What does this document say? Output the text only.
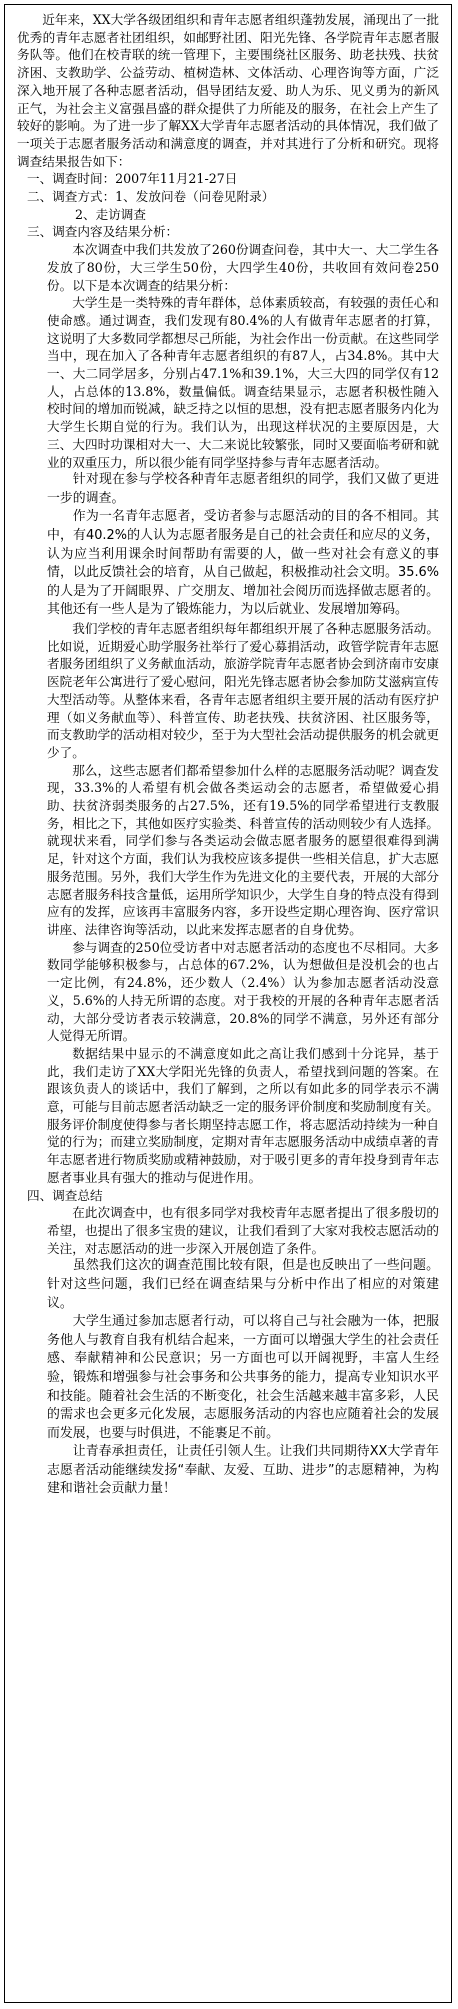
近年来，XX大学各级团组织和青年志愿者组织蓬勃发展，涌现出了一批优秀的青年志愿者社团组织，如邮野社团、阳光先锋、各学院青年志愿者服务队等。他们在校青联的统一管理下，主要围绕社区服务、助老扶残、扶贫济困、支教助学、公益劳动、植树造林、文体活动、心理咨询等方面，广泛深入地开展了各种志愿者活动，倡导团结友爱、助人为乐、见义勇为的新风正气，为社会主义富强昌盛的群众提供了力所能及的服务，在社会上产生了较好的影响。为了进一步了解XX大学青年志愿者活动的具体情况，我们做了一项关于志愿者服务活动和满意度的调查，并对其进行了分析和研究。现将调查结果报告如下：

一、调查时间：2007年11月21-27日

二、调查方式：1、发放问卷（问卷见附录）

2、走访调查

三、调查内容及结果分析：

本次调查中我们共发放了260份调查问卷，其中大一、大二学生各发放了80份，大三学生50份，大四学生40份，共收回有效问卷250份。以下是本次调查的结果分析：

大学生是一类特殊的青年群体，总体素质较高，有较强的责任心和使命感。通过调查，我们发现有80.4%的人有做青年志愿者的打算，这说明了大多数同学都想尽己所能，为社会作出一份贡献。在这些同学当中，现在加入了各种青年志愿者组织的有87人，占34.8%。其中大一、大二同学居多，分别占47.1%和39.1%，大三大四的同学仅有12人，占总体的13.8%，数量偏低。调查结果显示，志愿者积极性随入校时间的增加而锐减，缺乏持之以恒的思想，没有把志愿者服务内化为大学生长期自觉的行为。我们认为，出现这样状况的主要原因是，大三、大四时功课相对大一、大二来说比较繁张，同时又要面临考研和就业的双重压力，所以很少能有同学坚持参与青年志愿者活动。

针对现在参与学校各种青年志愿者组织的同学，我们又做了更进一步的调查。

作为一名青年志愿者，受访者参与志愿活动的目的各不相同。其中，有40.2%的人认为志愿者服务是自己的社会责任和应尽的义务，认为应当利用课余时间帮助有需要的人，做一些对社会有意义的事情，以此反馈社会的培育，从自己做起，积极推动社会文明。35.6%的人是为了开阔眼界、广交朋友、增加社会阅历而选择做志愿者的。其他还有一些人是为了锻炼能力，为以后就业、发展增加筹码。

我们学校的青年志愿者组织每年都组织开展了各种志愿服务活动。比如说，近期爱心助学服务社举行了爱心募捐活动，政管学院青年志愿者服务团组织了义务献血活动，旅游学院青年志愿者协会到济南市安康医院老年公寓进行了爱心慰问，阳光先锋志愿者协会参加防艾滋病宣传大型活动等。从整体来看，各青年志愿者组织主要开展的活动有医疗护理（如义务献血等）、科普宣传、助老扶残、扶贫济困、社区服务等，而支教助学的活动相对较少，至于为大型社会活动提供服务的机会就更少了。

那么，这些志愿者们都希望参加什么样的志愿服务活动呢？调查发现，33.3%的人希望有机会做各类运动会的志愿者，希望做爱心捐助、扶贫济弱类服务的占27.5%，还有19.5%的同学希望进行支教服务，相比之下，其他如医疗实验类、科普宣传的活动则较少有人选择。就现状来看，同学们参与各类运动会做志愿者服务的愿望很难得到满足，针对这个方面，我们认为我校应该多提供一些相关信息，扩大志愿服务范围。另外，我们大学生作为先进文化的主要代表，开展的大部分志愿者服务科技含量低，运用所学知识少，大学生自身的特点没有得到应有的发挥，应该再丰富服务内容，多开设些定期心理咨询、医疗常识讲座、法律咨询等活动，以此来发挥志愿者的自身优势。

参与调查的250位受访者中对志愿者活动的态度也不尽相同。大多数同学能够积极参与，占总体的67.2%，认为想做但是没机会的也占一定比例，有24.8%，还少数人（2.4%）认为参加志愿者活动没意义，5.6%的人持无所谓的态度。对于我校的开展的各种青年志愿者活动，大部分受访者表示较满意，20.8%的同学不满意，另外还有部分人觉得无所谓。

数据结果中显示的不满意度如此之高让我们感到十分诧异，基于此，我们走访了XX大学阳光先锋的负责人，希望找到问题的答案。在跟该负责人的谈话中，我们了解到，之所以有如此多的同学表示不满意，可能与目前志愿者活动缺乏一定的服务评价制度和奖励制度有关。服务评价制度使得参与者长期坚持志愿工作，将志愿活动持续为一种自觉的行为；而建立奖励制度，定期对青年志愿服务活动中成绩卓著的青年志愿者进行物质奖励或精神鼓励，对于吸引更多的青年投身到青年志愿者事业具有强大的推动与促进作用。

四、调查总结

在此次调查中，也有很多同学对我校青年志愿者提出了很多殷切的希望，也提出了很多宝贵的建议，让我们看到了大家对我校志愿活动的关注，对志愿活动的进一步深入开展创造了条件。

虽然我们这次的调查范围比较有限，但是也反映出了一些问题。针对这些问题，我们已经在调查结果与分析中作出了相应的对策建议。

大学生通过参加志愿者行动，可以将自己与社会融为一体，把服务他人与教育自我有机结合起来，一方面可以增强大学生的社会责任感、奉献精神和公民意识；另一方面也可以开阔视野，丰富人生经验，锻炼和增强参与社会事务和公共事务的能力，提高专业知识水平和技能。随着社会生活的不断变化，社会生活越来越丰富多彩，人民的需求也会更多元化发展，志愿服务活动的内容也应随着社会的发展而发展，也要与时俱进，不能裹足不前。

让青春承担责任，让责任引领人生。让我们共同期待XX大学青年志愿者活动能继续发扬“奉献、友爱、互助、进步”的志愿精神，为构建和谐社会贡献力量！
